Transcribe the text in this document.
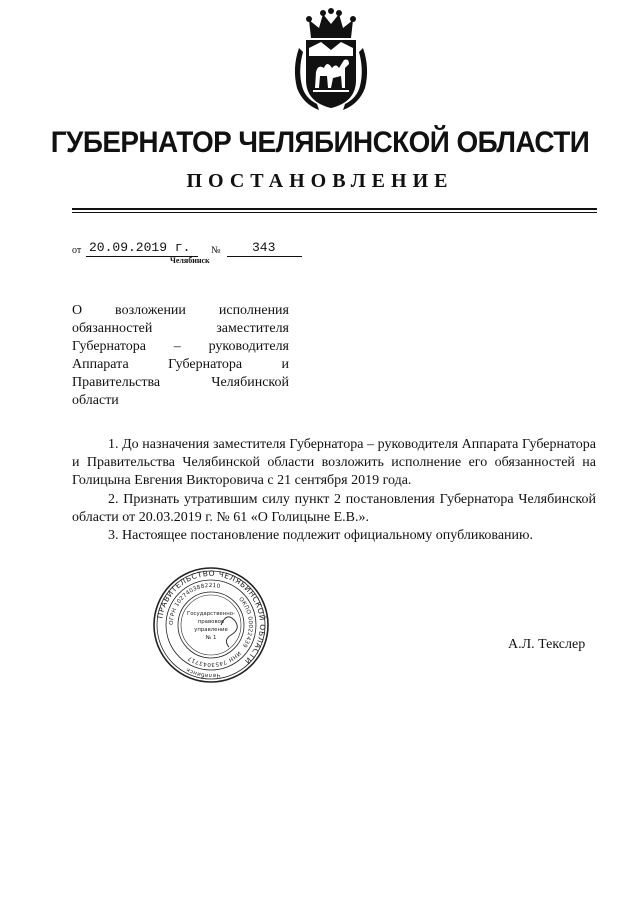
ГУБЕРНАТОР ЧЕЛЯБИНСКОЙ ОБЛАСТИ
ПОСТАНОВЛЕНИЕ
от 20.09.2019 г. № 343
Челябинск
О возложении исполнения
обязанностей заместителя
Губернатора – руководителя
Аппарата Губернатора и
Правительства Челябинской
области

1. До назначения заместителя Губернатора – руководителя Аппарата Губернатора и Правительства Челябинской области возложить исполнение его обязанностей на Голицына Евгения Викторовича с 21 сентября 2019 года.

2. Признать утратившим силу пункт 2 постановления Губернатора Челябинской области от 20.03.2019 г. № 61 «О Голицыне Е.В.».

3. Настоящее постановление подлежит официальному опубликованию.

ПРАВИТЕЛЬСТВО ЧЕЛЯБИНСКОЙ ОБЛАСТИ
ОГРН 1027403882210
ОКПО 00022439
ИНН 7453043717
Челябинск
Государственно-
правовое
управление
№ 1	А.Л. Текслер
